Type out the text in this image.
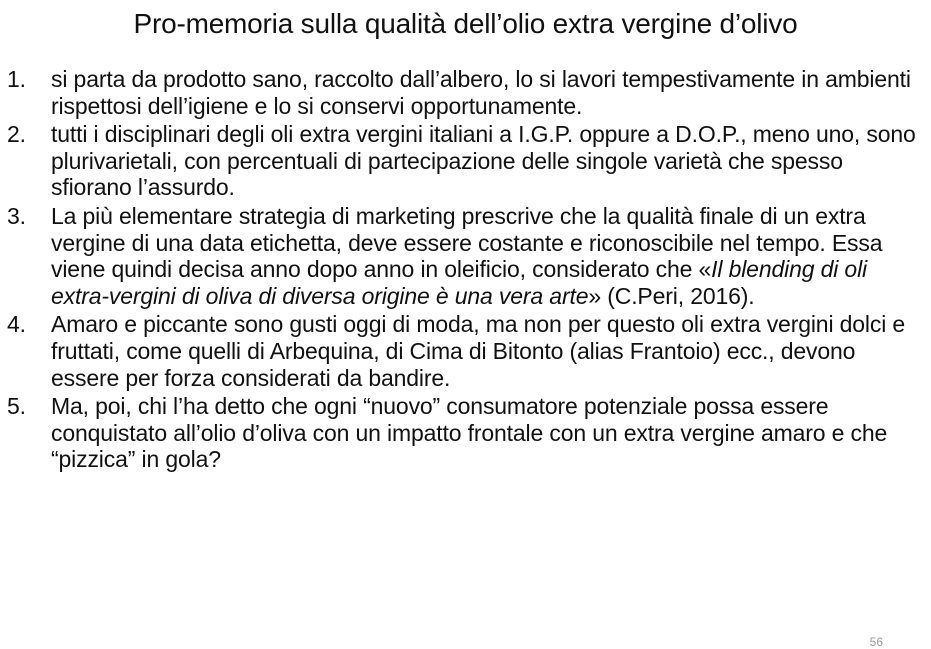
Pro-memoria sulla qualità dell’olio extra vergine d’olivo
1. si parta da prodotto sano, raccolto dall’albero, lo si lavori tempestivamente in ambienti rispettosi dell’igiene e lo si conservi opportunamente.
2. tutti i disciplinari degli oli extra vergini italiani a I.G.P. oppure a D.O.P., meno uno, sono plurivarietali, con percentuali di partecipazione delle singole varietà che spesso sfiorano l’assurdo.
3. La più elementare strategia di marketing prescrive che la qualità finale di un extra vergine di una data etichetta, deve essere costante e riconoscibile nel tempo. Essa viene quindi decisa anno dopo anno in oleificio, considerato che «Il blending di oli extra-vergini di oliva di diversa origine è una vera arte» (C.Peri, 2016).
4. Amaro e piccante sono gusti oggi di moda, ma non per questo oli extra vergini dolci e fruttati, come quelli di Arbequina, di Cima di Bitonto (alias Frantoio) ecc., devono essere per forza considerati da bandire.
5. Ma, poi, chi l’ha detto che ogni “nuovo” consumatore potenziale possa essere conquistato all’olio d’oliva con un impatto frontale con un extra vergine amaro e che “pizzica” in gola?
56
